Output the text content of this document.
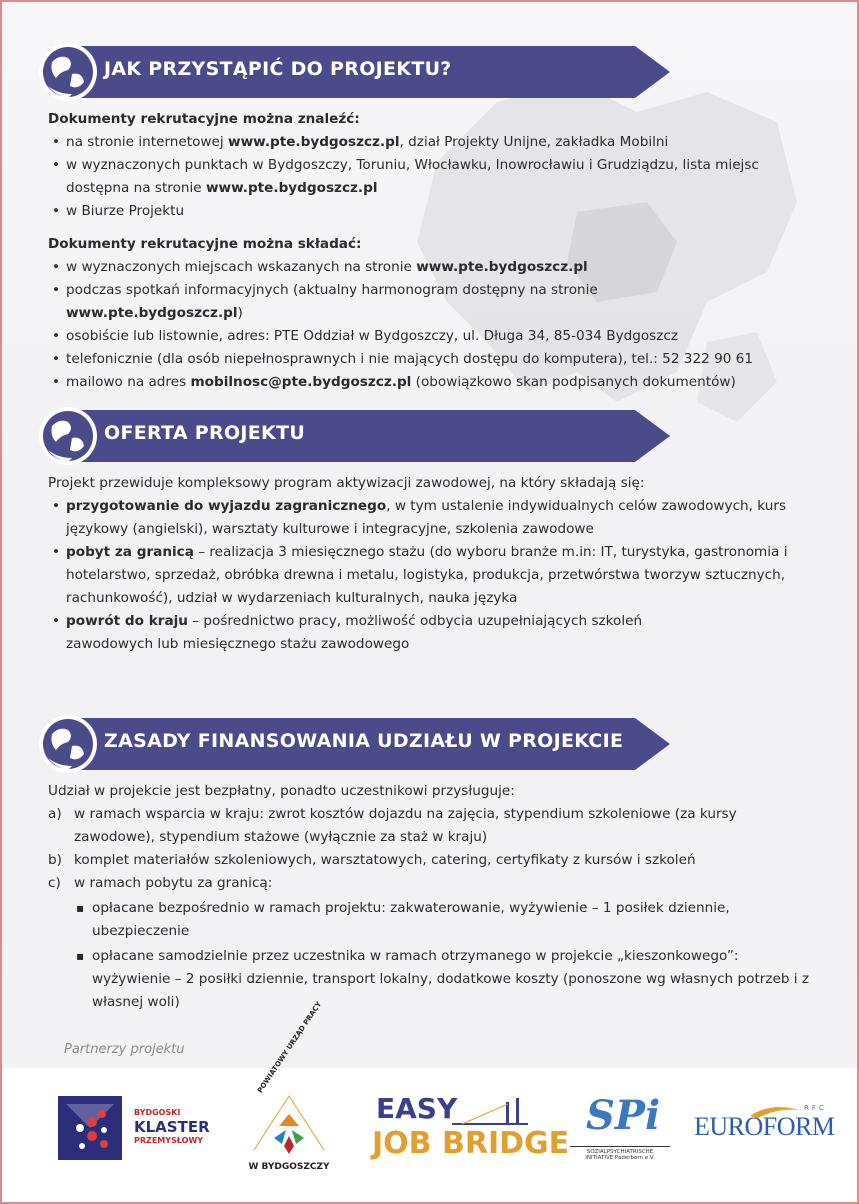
JAK PRZYSTĄPIĆ DO PROJEKTU?

Dokumenty rekrutacyjne można znaleźć:

• na stronie internetowej www.pte.bydgoszcz.pl, dział Projekty Unijne, zakładka Mobilni
• w wyznaczonych punktach w Bydgoszczy, Toruniu, Włocławku, Inowrocławiu i Grudziądzu, lista miejsc dostępna na stronie www.pte.bydgoszcz.pl
• w Biurze Projektu

Dokumenty rekrutacyjne można składać:

• w wyznaczonych miejscach wskazanych na stronie www.pte.bydgoszcz.pl
• podczas spotkań informacyjnych (aktualny harmonogram dostępny na stronie www.pte.bydgoszcz.pl)
• osobiście lub listownie, adres: PTE Oddział w Bydgoszczy, ul. Długa 34, 85-034 Bydgoszcz
• telefonicznie (dla osób niepełnosprawnych i nie mających dostępu do komputera), tel.: 52 322 90 61
• mailowo na adres mobilnosc@pte.bydgoszcz.pl (obowiązkowo skan podpisanych dokumentów)
OFERTA PROJEKTU

Projekt przewiduje kompleksowy program aktywizacji zawodowej, na który składają się:

• przygotowanie do wyjazdu zagranicznego, w tym ustalenie indywidualnych celów zawodowych, kurs językowy (angielski), warsztaty kulturowe i integracyjne, szkolenia zawodowe
• pobyt za granicą – realizacja 3 miesięcznego stażu (do wyboru branże m.in: IT, turystyka, gastronomia i hotelarstwo, sprzedaż, obróbka drewna i metalu, logistyka, produkcja, przetwórstwa tworzyw sztucznych, rachunkowość), udział w wydarzeniach kulturalnych, nauka języka
• powrót do kraju – pośrednictwo pracy, możliwość odbycia uzupełniających szkoleń zawodowych lub miesięcznego stażu zawodowego
ZASADY FINANSOWANIA UDZIAŁU W PROJEKCIE

Udział w projekcie jest bezpłatny, ponadto uczestnikowi przysługuje:

a) w ramach wsparcia w kraju: zwrot kosztów dojazdu na zajęcia, stypendium szkoleniowe (za kursy zawodowe), stypendium stażowe (wyłącznie za staż w kraju)
b) komplet materiałów szkoleniowych, warsztatowych, catering, certyfikaty z kursów i szkoleń
c) w ramach pobytu za granicą:
▪ opłacane bezpośrednio w ramach projektu: zakwaterowanie, wyżywienie – 1 posiłek dziennie, ubezpieczenie
▪ opłacane samodzielnie przez uczestnika w ramach otrzymanego w projekcie „kieszonkowego”: wyżywienie – 2 posiłki dziennie, transport lokalny, dodatkowe koszty (ponoszone wg własnych potrzeb i z własnej woli)
Partnerzy projektu
BYDGOSKI
KLASTER
PRZEMYSŁOWY
POWIATOWY URZĄD PRACY
W BYDGOSZCZY
EASY
JOB BRIDGE
SPi
SOZIALPSYCHIATRISCHE
INITIATIVE Paderborn e.V.
RFC
EUROFORM
